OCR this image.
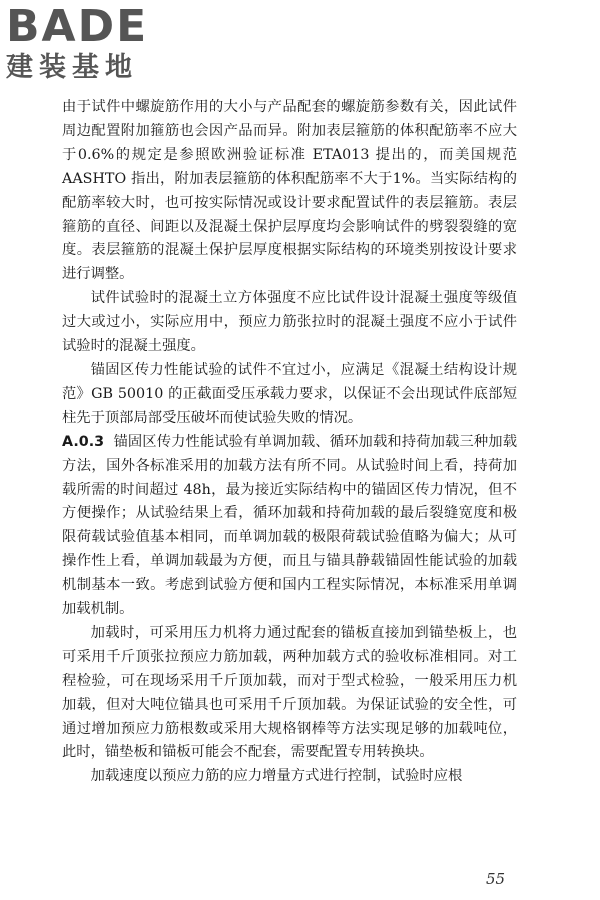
BADE
建装基地

由于试件中螺旋筋作用的大小与产品配套的螺旋筋参数有关，因此试件周边配置附加箍筋也会因产品而异。附加表层箍筋的体积配筋率不应大于0.6%的规定是参照欧洲验证标准 ETA013 提出的，而美国规范 AASHTO 指出，附加表层箍筋的体积配筋率不大于1%。当实际结构的配筋率较大时，也可按实际情况或设计要求配置试件的表层箍筋。表层箍筋的直径、间距以及混凝土保护层厚度均会影响试件的劈裂裂缝的宽度。表层箍筋的混凝土保护层厚度根据实际结构的环境类别按设计要求进行调整。

试件试验时的混凝土立方体强度不应比试件设计混凝土强度等级值过大或过小，实际应用中，预应力筋张拉时的混凝土强度不应小于试件试验时的混凝土强度。

锚固区传力性能试验的试件不宜过小，应满足《混凝土结构设计规范》GB 50010 的正截面受压承载力要求，以保证不会出现试件底部短柱先于顶部局部受压破坏而使试验失败的情况。

A.0.3 锚固区传力性能试验有单调加载、循环加载和持荷加载三种加载方法，国外各标准采用的加载方法有所不同。从试验时间上看，持荷加载所需的时间超过 48h，最为接近实际结构中的锚固区传力情况，但不方便操作；从试验结果上看，循环加载和持荷加载的最后裂缝宽度和极限荷载试验值基本相同，而单调加载的极限荷载试验值略为偏大；从可操作性上看，单调加载最为方便，而且与锚具静载锚固性能试验的加载机制基本一致。考虑到试验方便和国内工程实际情况，本标准采用单调加载机制。

加载时，可采用压力机将力通过配套的锚板直接加到锚垫板上，也可采用千斤顶张拉预应力筋加载，两种加载方式的验收标准相同。对工程检验，可在现场采用千斤顶加载，而对于型式检验，一般采用压力机加载，但对大吨位锚具也可采用千斤顶加载。为保证试验的安全性，可通过增加预应力筋根数或采用大规格钢棒等方法实现足够的加载吨位，此时，锚垫板和锚板可能会不配套，需要配置专用转换块。

加载速度以预应力筋的应力增量方式进行控制，试验时应根

55
